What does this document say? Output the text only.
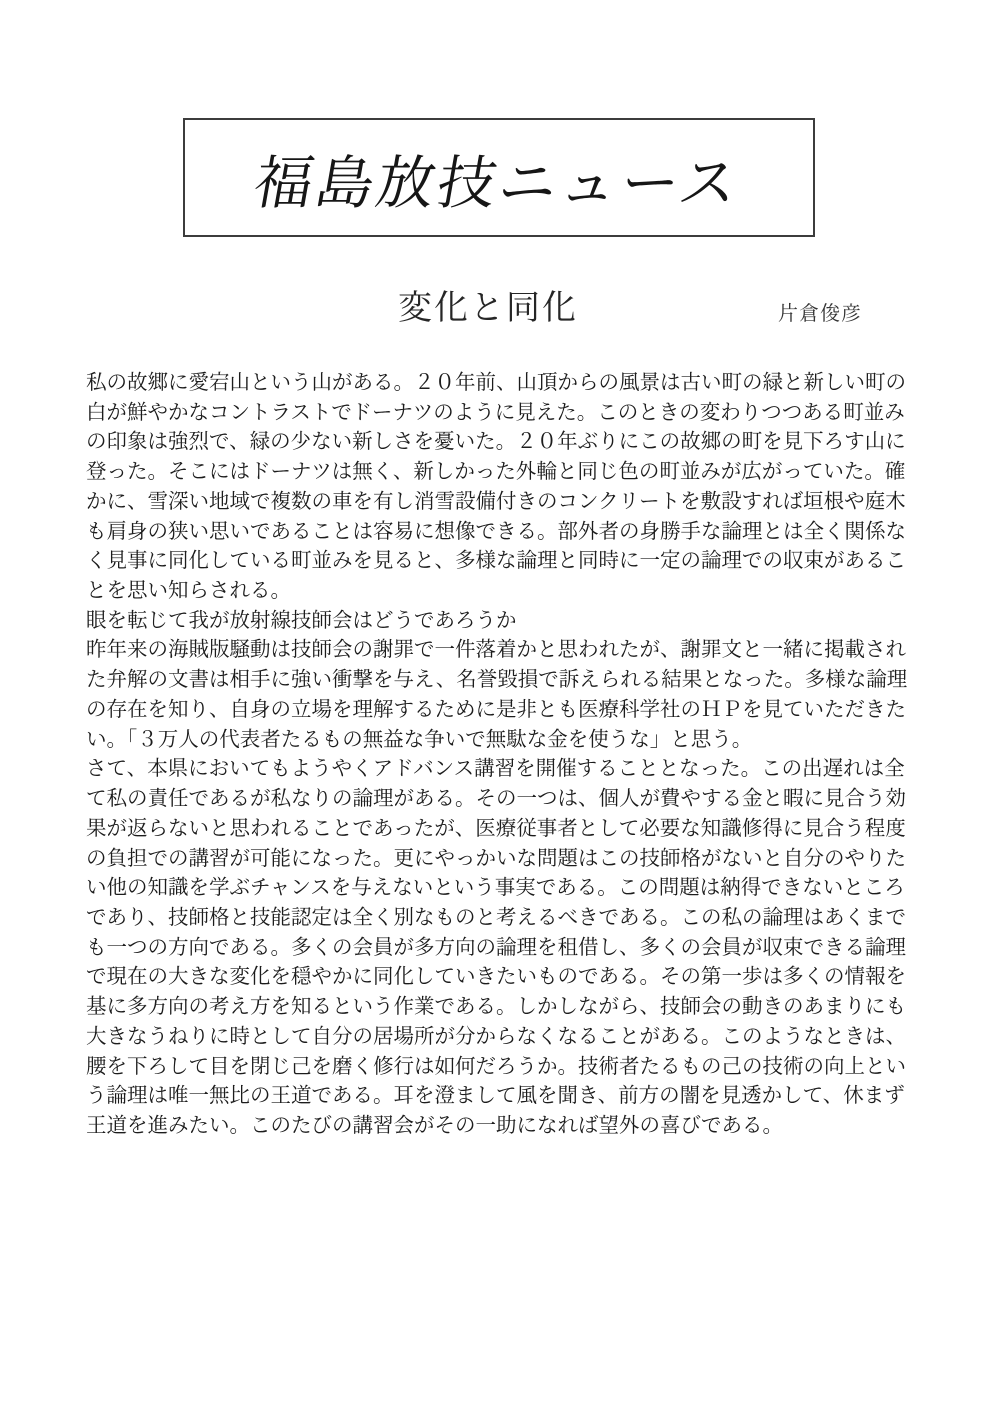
福島放技ニュース
変化と同化	片倉俊彦
私の故郷に愛宕山という山がある。２０年前、山頂からの風景は古い町の緑と新しい町の
白が鮮やかなコントラストでドーナツのように見えた。このときの変わりつつある町並み
の印象は強烈で、緑の少ない新しさを憂いた。２０年ぶりにこの故郷の町を見下ろす山に
登った。そこにはドーナツは無く、新しかった外輪と同じ色の町並みが広がっていた。確
かに、雪深い地域で複数の車を有し消雪設備付きのコンクリートを敷設すれば垣根や庭木
も肩身の狭い思いであることは容易に想像できる。部外者の身勝手な論理とは全く関係な
く見事に同化している町並みを見ると、多様な論理と同時に一定の論理での収束があるこ
とを思い知らされる。
眼を転じて我が放射線技師会はどうであろうか
昨年来の海賊版騒動は技師会の謝罪で一件落着かと思われたが、謝罪文と一緒に掲載され
た弁解の文書は相手に強い衝撃を与え、名誉毀損で訴えられる結果となった。多様な論理
の存在を知り、自身の立場を理解するために是非とも医療科学社のＨＰを見ていただきた
い。「３万人の代表者たるもの無益な争いで無駄な金を使うな」と思う。
さて、本県においてもようやくアドバンス講習を開催することとなった。この出遅れは全
て私の責任であるが私なりの論理がある。その一つは、個人が費やする金と暇に見合う効
果が返らないと思われることであったが、医療従事者として必要な知識修得に見合う程度
の負担での講習が可能になった。更にやっかいな問題はこの技師格がないと自分のやりた
い他の知識を学ぶチャンスを与えないという事実である。この問題は納得できないところ
であり、技師格と技能認定は全く別なものと考えるべきである。この私の論理はあくまで
も一つの方向である。多くの会員が多方向の論理を租借し、多くの会員が収束できる論理
で現在の大きな変化を穏やかに同化していきたいものである。その第一歩は多くの情報を
基に多方向の考え方を知るという作業である。しかしながら、技師会の動きのあまりにも
大きなうねりに時として自分の居場所が分からなくなることがある。このようなときは、
腰を下ろして目を閉じ己を磨く修行は如何だろうか。技術者たるもの己の技術の向上とい
う論理は唯一無比の王道である。耳を澄まして風を聞き、前方の闇を見透かして、休まず
王道を進みたい。このたびの講習会がその一助になれば望外の喜びである。
